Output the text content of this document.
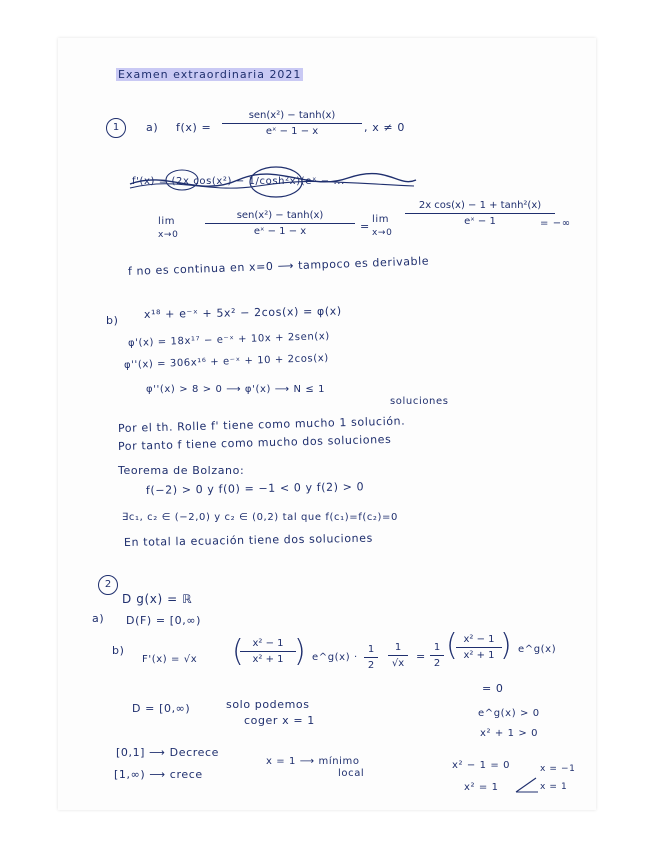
Examen extraordinaria 2021
1	a) f(x) =
sen(x²) − tanh(x)
eˣ − 1 − x	, x ≠ 0
f'(x) = (2x cos(x²) − 1/cosh²x)(eˣ − ...
lim
x→0
sen(x²) − tanh(x)
eˣ − 1 − x	=
lim
x→0
$\frac{\text{2x cos(x) − 1 + tanh²(x)}}{\text{eˣ − 1}}$
= −∞
f no es continua en x=0 ⟶ tampoco es derivable
b) x¹⁸ + e⁻ˣ + 5x² − 2cos(x) = φ(x)
φ'(x) = 18x¹⁷ − e⁻ˣ + 10x + 2sen(x)
φ''(x) = 306x¹⁶ + e⁻ˣ + 10 + 2cos(x)
φ''(x) > 8 > 0 ⟶ φ'(x) ⟶ N ≤ 1
soluciones
Por el th. Rolle f' tiene como mucho 1 solución.
Por tanto f tiene como mucho dos soluciones
Teorema de Bolzano:
f(−2) > 0 y f(0) = −1 < 0 y f(2) > 0
∃c₁, c₂ ∈ (−2,0) y c₂ ∈ (0,2) tal que f(c₁)=f(c₂)=0
En total la ecuación tiene dos soluciones
2
D g(x) = ℝ
a) D(F) = [0,∞)
b)
F'(x) = √x	$\frac{\text{x² − 1}}{\text{x² + 1}}$
( ) e^g(x) · $\frac{1}{2} \frac{1}{√x} = \frac{1}{2}$ (
$\frac{\text{x² − 1}}{\text{x² + 1}}$
) e^g(x)
= 0
D = [0,∞)	solo podemos
coger x = 1
e^g(x) > 0
x² + 1 > 0
[0,1] ⟶ Decrece
[1,∞) ⟶ crece
x = 1 ⟶ mínimo
local
x² − 1 = 0
x² = 1
x = −1
x = 1
